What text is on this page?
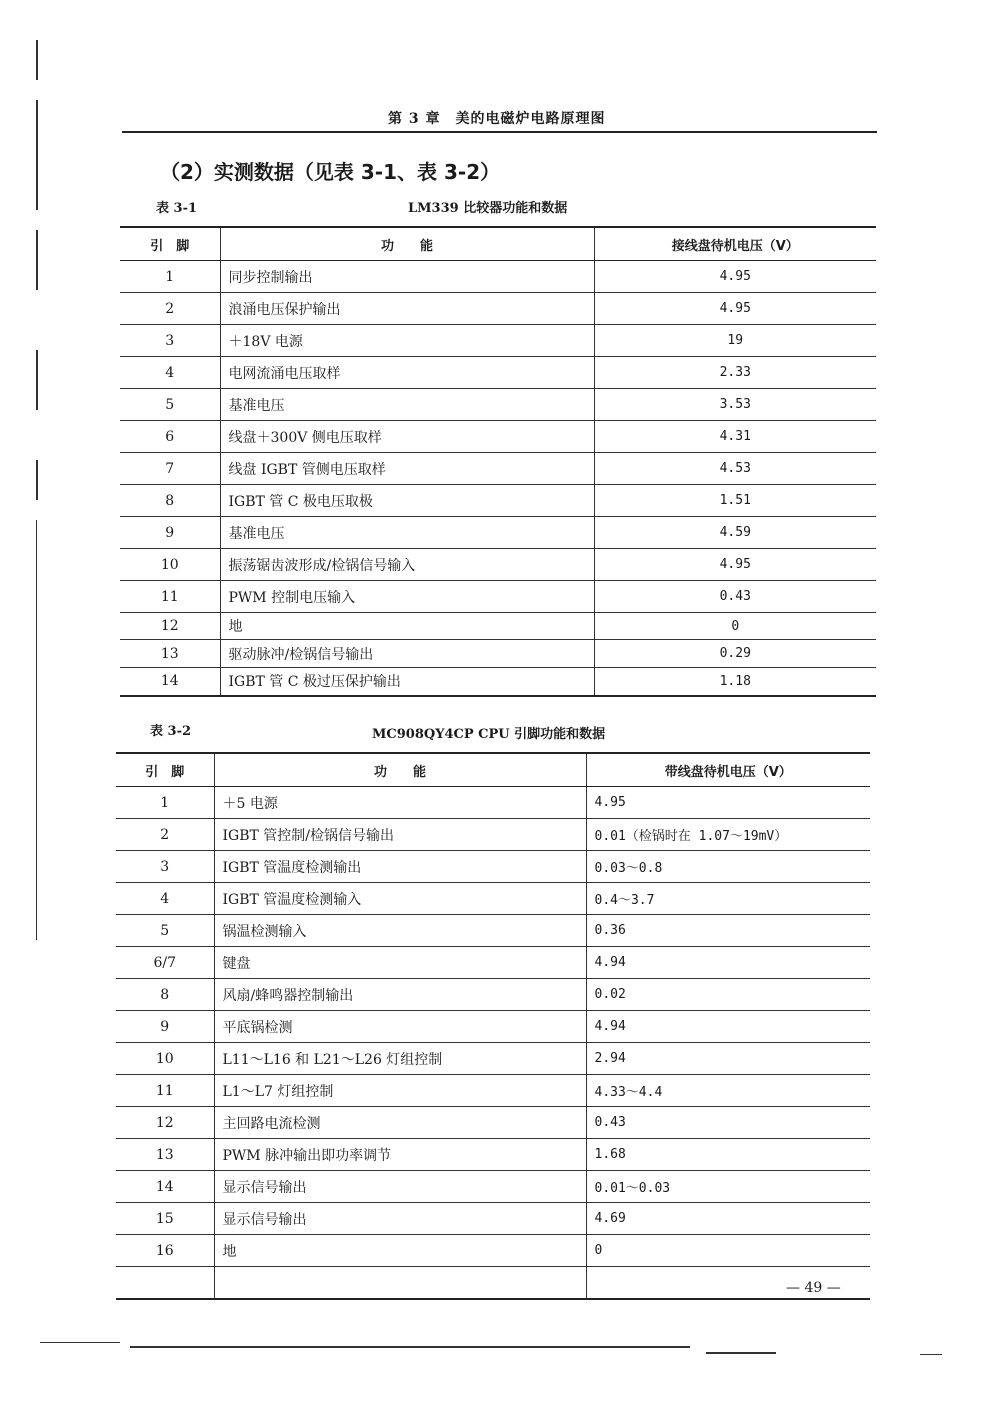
第 3 章　美的电磁炉电路原理图
（2）实测数据（见表 3-1、表 3-2）
表 3-1	LM339 比较器功能和数据
引　脚	功　　能	接线盘待机电压（V）
1	同步控制输出	4.95
2	浪涌电压保护输出	4.95
3	＋18V 电源	19
4	电网流涌电压取样	2.33
5	基准电压	3.53
6	线盘＋300V 侧电压取样	4.31
7	线盘 IGBT 管侧电压取样	4.53
8	IGBT 管 C 极电压取极	1.51
9	基准电压	4.59
10	振荡锯齿波形成/检锅信号输入	4.95
11	PWM 控制电压输入	0.43
12	地	0
13	驱动脉冲/检锅信号输出	0.29
14	IGBT 管 C 极过压保护输出	1.18
表 3-2	MC908QY4CP CPU 引脚功能和数据
引　脚	功　　能	带线盘待机电压（V）
1	＋5 电源	4.95
2	IGBT 管控制/检锅信号输出	0.01（检锅时在 1.07～19mV）
3	IGBT 管温度检测输出	0.03～0.8
4	IGBT 管温度检测输入	0.4～3.7
5	锅温检测输入	0.36
6/7	键盘	4.94
8	风扇/蜂鸣器控制输出	0.02
9	平底锅检测	4.94
10	L11～L16 和 L21～L26 灯组控制	2.94
11	L1～L7 灯组控制	4.33～4.4
12	主回路电流检测	0.43
13	PWM 脉冲输出即功率调节	1.68
14	显示信号输出	0.01～0.03
15	显示信号输出	4.69
16	地	0

— 49 —
